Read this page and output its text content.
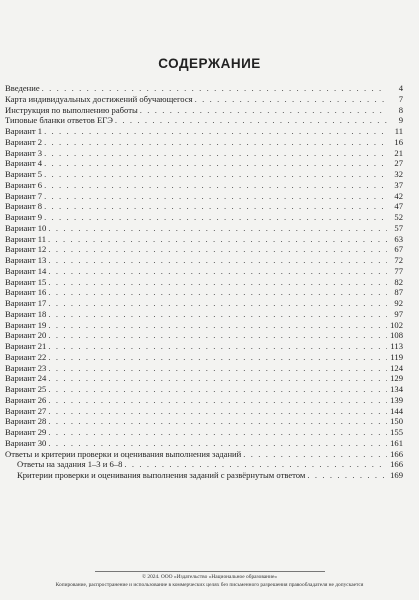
СОДЕРЖАНИЕ
Введение . . .	4
Карта индивидуальных достижений обучающегося . . .	7
Инструкция по выполнению работы . . .	8
Типовые бланки ответов ЕГЭ . . .	9
Вариант 1 . . .	11
Вариант 2 . . .	16
Вариант 3 . . .	21
Вариант 4 . . .	27
Вариант 5 . . .	32
Вариант 6 . . .	37
Вариант 7 . . .	42
Вариант 8 . . .	47
Вариант 9 . . .	52
Вариант 10 . . .	57
Вариант 11 . . .	63
Вариант 12 . . .	67
Вариант 13 . . .	72
Вариант 14 . . .	77
Вариант 15 . . .	82
Вариант 16 . . .	87
Вариант 17 . . .	92
Вариант 18 . . .	97
Вариант 19 . . .	102
Вариант 20 . . .	108
Вариант 21 . . .	113
Вариант 22 . . .	119
Вариант 23 . . .	124
Вариант 24 . . .	129
Вариант 25 . . .	134
Вариант 26 . . .	139
Вариант 27 . . .	144
Вариант 28 . . .	150
Вариант 29 . . .	155
Вариант 30 . . .	161
Ответы и критерии проверки и оценивания выполнения заданий . . .	166
Ответы на задания 1–3 и 6–8 . . .	166
Критерии проверки и оценивания выполнения заданий с развёрнутым ответом . . .	169
© 2024. ООО «Издательство «Национальное образование»
Копирование, распространение и использование в коммерческих целях без письменного разрешения правообладателя не допускается
